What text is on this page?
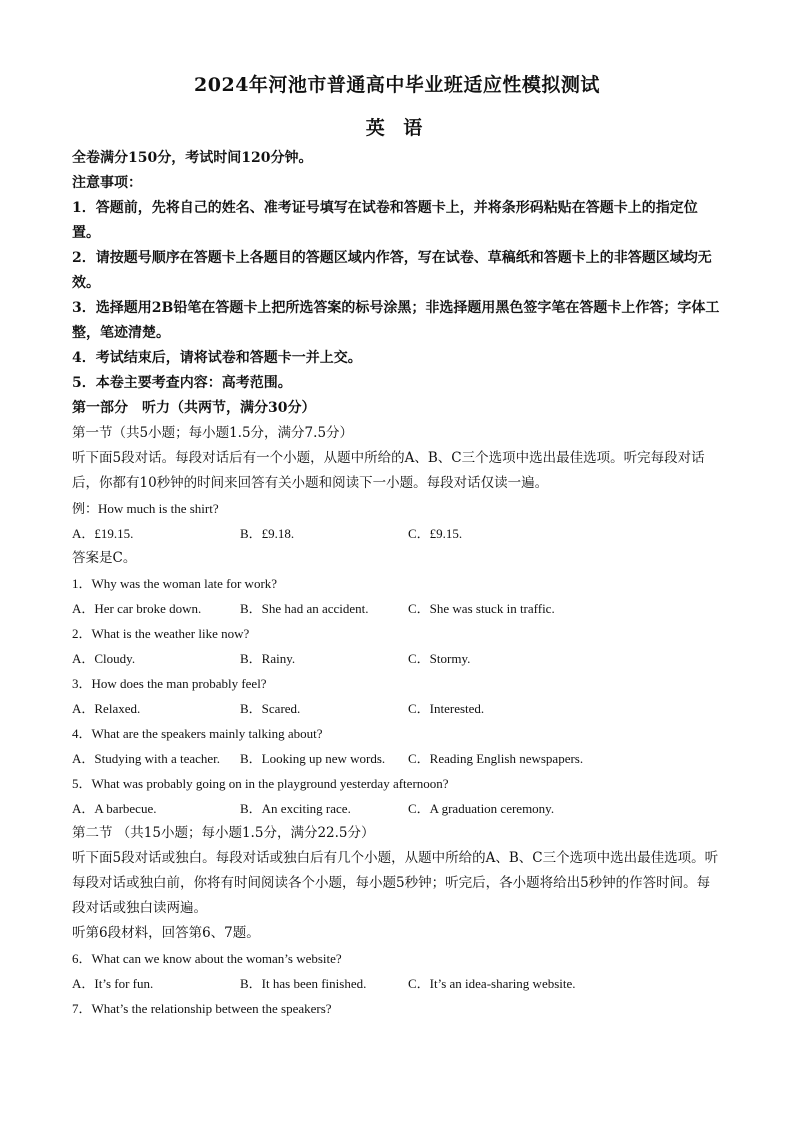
2024年河池市普通高中毕业班适应性模拟测试
英 语
全卷满分150分，考试时间120分钟。
注意事项：
1．答题前，先将自己的姓名、准考证号填写在试卷和答题卡上，并将条形码粘贴在答题卡上的指定位置。
2．请按题号顺序在答题卡上各题目的答题区域内作答，写在试卷、草稿纸和答题卡上的非答题区域均无效。
3．选择题用2B铅笔在答题卡上把所选答案的标号涂黑；非选择题用黑色签字笔在答题卡上作答；字体工整，笔迹清楚。
4．考试结束后，请将试卷和答题卡一并上交。
5．本卷主要考查内容：高考范围。
第一部分　听力（共两节，满分30分）
第一节（共5小题；每小题1.5分，满分7.5分）
听下面5段对话。每段对话后有一个小题，从题中所给的A、B、C三个选项中选出最佳选项。听完每段对话后，你都有10秒钟的时间来回答有关小题和阅读下一小题。每段对话仅读一遍。
例：How much is the shirt?
A．£19.15.	B．£9.18.	C．£9.15.
答案是C。
1．Why was the woman late for work?
A．Her car broke down.	B．She had an accident.	C．She was stuck in traffic.
2．What is the weather like now?
A．Cloudy.	B．Rainy.	C．Stormy.
3．How does the man probably feel?
A．Relaxed.	B．Scared.	C．Interested.
4．What are the speakers mainly talking about?
A．Studying with a teacher.	B．Looking up new words.	C．Reading English newspapers.
5．What was probably going on in the playground yesterday afternoon?
A．A barbecue.	B．An exciting race.	C．A graduation ceremony.
第二节 （共15小题；每小题1.5分，满分22.5分）
听下面5段对话或独白。每段对话或独白后有几个小题，从题中所给的A、B、C三个选项中选出最佳选项。听每段对话或独白前，你将有时间阅读各个小题，每小题5秒钟；听完后，各小题将给出5秒钟的作答时间。每段对话或独白读两遍。
听第6段材料，回答第6、7题。
6．What can we know about the woman’s website?
A．It’s for fun.	B．It has been finished.	C．It’s an idea-sharing website.
7．What’s the relationship between the speakers?
